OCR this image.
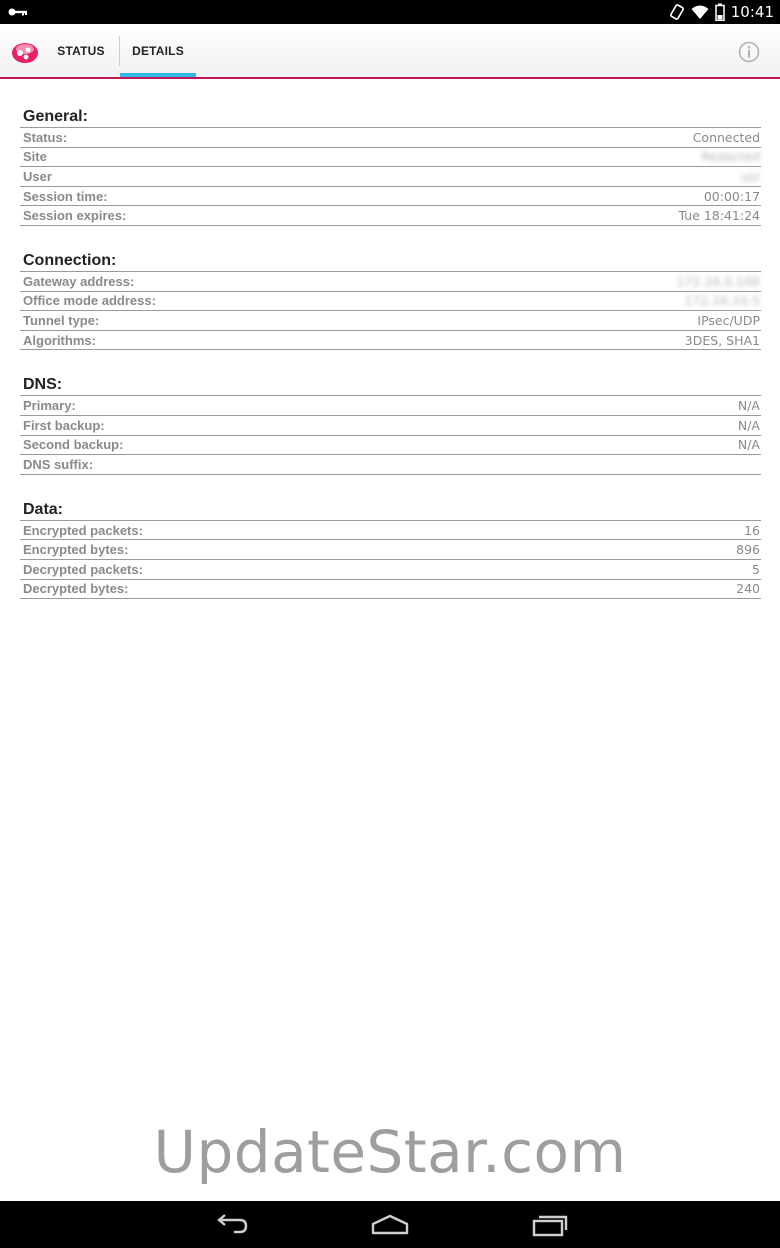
10:41
STATUS DETAILS
General:
Status:	Connected
Site	Redacted
User	usr
Session time:	00:00:17
Session expires:	Tue 18:41:24
Connection:
Gateway address:	172.16.0.100
Office mode address:	172.16.10.5
Tunnel type:	IPsec/UDP
Algorithms:	3DES, SHA1
DNS:
Primary:	N/A
First backup:	N/A
Second backup:	N/A
DNS suffix:
Data:
Encrypted packets:	16
Encrypted bytes:	896
Decrypted packets:	5
Decrypted bytes:	240
UpdateStar.com
